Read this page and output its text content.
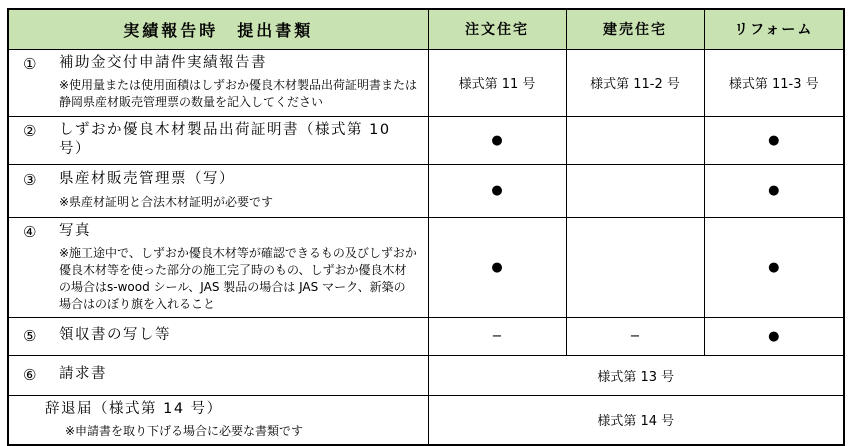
実績報告時　提出書類	注文住宅	建売住宅	リフォーム

① 補助金交付申請件実績報告書
※使用量または使用面積はしずおか優良木材製品出荷証明書または静岡県産材販売管理票の数量を記入してください	様式第 11 号	様式第 11-2 号	様式第 11-3 号

② しずおか優良木材製品出荷証明書（様式第 10 号）	●		●

③ 県産材販売管理票（写）
※県産材証明と合法木材証明が必要です	●		●

④ 写真
※施工途中で、しずおか優良木材等が確認できるもの及びしずおか優良木材等を使った部分の施工完了時のもの、しずおか優良木材の場合はs-wood シール、JAS 製品の場合は JAS マーク、新築の場合はのぼり旗を入れること	●		●

⑤ 領収書の写し等	−	−	●

⑥ 請求書	様式第 13 号		

辞退届（様式第 14 号）
※申請書を取り下げる場合に必要な書類です	様式第 14 号		
